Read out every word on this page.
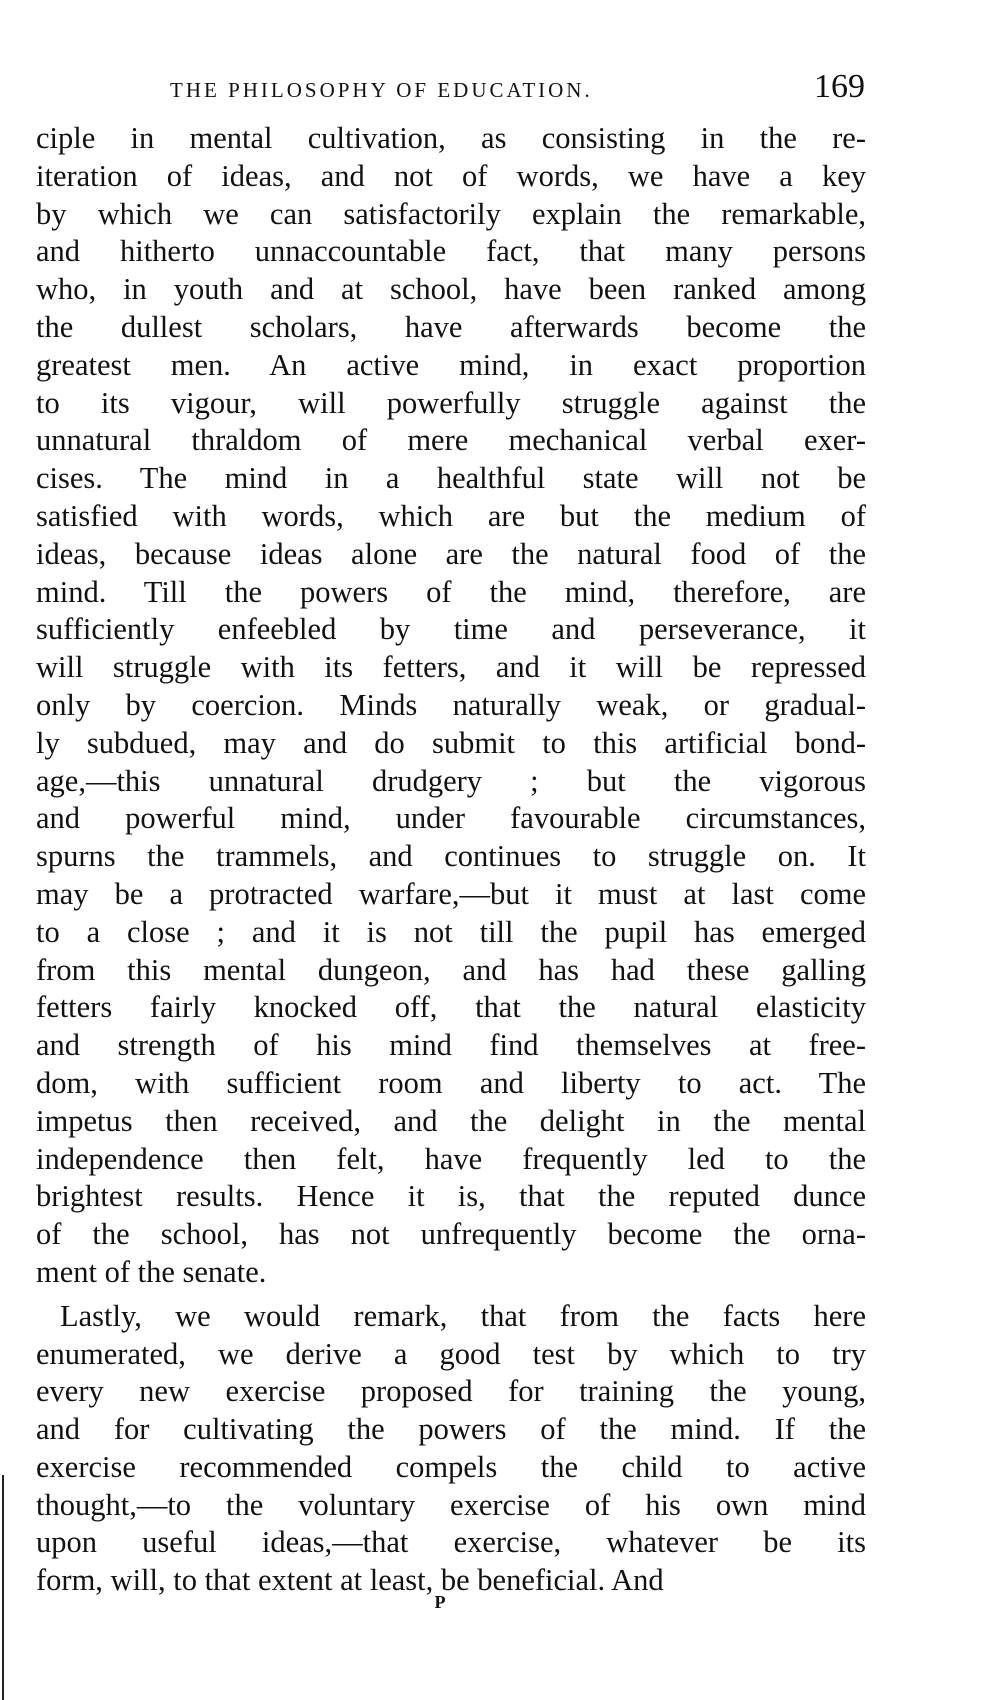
THE PHILOSOPHY OF EDUCATION.	169
ciple in mental cultivation, as consisting in the re-
iteration of ideas, and not of words, we have a key
by which we can satisfactorily explain the remarkable,
and hitherto unnaccountable fact, that many persons
who, in youth and at school, have been ranked among
the dullest scholars, have afterwards become the
greatest men. An active mind, in exact proportion
to its vigour, will powerfully struggle against the
unnatural thraldom of mere mechanical verbal exer-
cises. The mind in a healthful state will not be
satisfied with words, which are but the medium of
ideas, because ideas alone are the natural food of the
mind. Till the powers of the mind, therefore, are
sufficiently enfeebled by time and perseverance, it
will struggle with its fetters, and it will be repressed
only by coercion. Minds naturally weak, or gradual-
ly subdued, may and do submit to this artificial bond-
age,—this unnatural drudgery ; but the vigorous
and powerful mind, under favourable circumstances,
spurns the trammels, and continues to struggle on. It
may be a protracted warfare,—but it must at last come
to a close ; and it is not till the pupil has emerged
from this mental dungeon, and has had these galling
fetters fairly knocked off, that the natural elasticity
and strength of his mind find themselves at free-
dom, with sufficient room and liberty to act. The
impetus then received, and the delight in the mental
independence then felt, have frequently led to the
brightest results. Hence it is, that the reputed dunce
of the school, has not unfrequently become the orna-
ment of the senate.
Lastly, we would remark, that from the facts here
enumerated, we derive a good test by which to try
every new exercise proposed for training the young,
and for cultivating the powers of the mind. If the
exercise recommended compels the child to active
thought,—to the voluntary exercise of his own mind
upon useful ideas,—that exercise, whatever be its
form, will, to that extent at least, be beneficial. And
P
